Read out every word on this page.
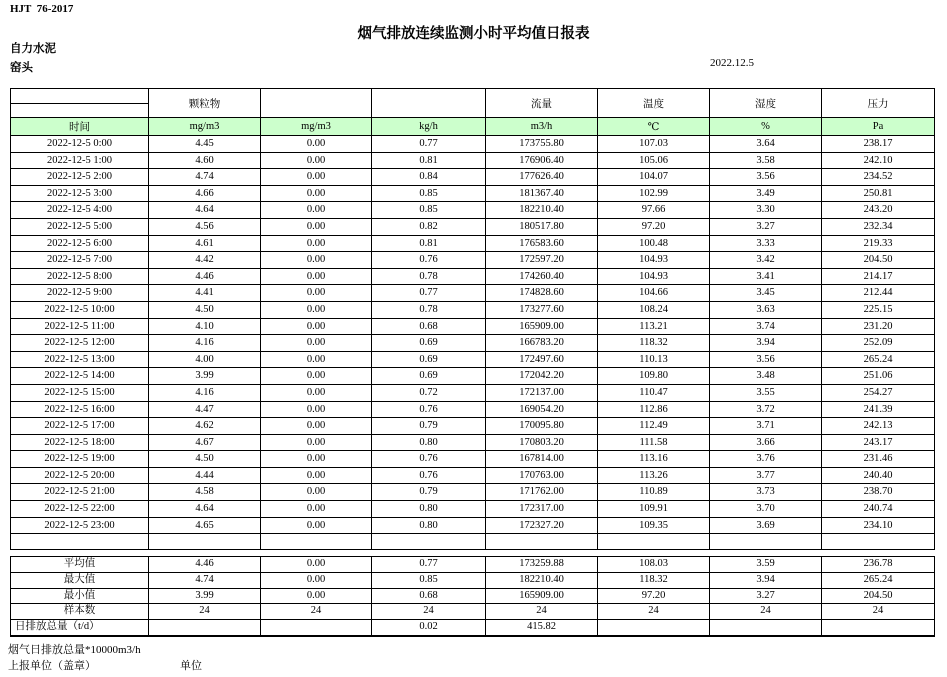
HJT  76-2017
烟气排放连续监测小时平均值日报表
自力水泥
窑头	2022.12.5
	颗粒物			流量	温度	湿度	压力

时间	mg/m3	mg/m3	kg/h	m3/h	℃	%	Pa
2022-12-5 0:00	4.45	0.00	0.77	173755.80	107.03	3.64	238.17
2022-12-5 1:00	4.60	0.00	0.81	176906.40	105.06	3.58	242.10
2022-12-5 2:00	4.74	0.00	0.84	177626.40	104.07	3.56	234.52
2022-12-5 3:00	4.66	0.00	0.85	181367.40	102.99	3.49	250.81
2022-12-5 4:00	4.64	0.00	0.85	182210.40	97.66	3.30	243.20
2022-12-5 5:00	4.56	0.00	0.82	180517.80	97.20	3.27	232.34
2022-12-5 6:00	4.61	0.00	0.81	176583.60	100.48	3.33	219.33
2022-12-5 7:00	4.42	0.00	0.76	172597.20	104.93	3.42	204.50
2022-12-5 8:00	4.46	0.00	0.78	174260.40	104.93	3.41	214.17
2022-12-5 9:00	4.41	0.00	0.77	174828.60	104.66	3.45	212.44
2022-12-5 10:00	4.50	0.00	0.78	173277.60	108.24	3.63	225.15
2022-12-5 11:00	4.10	0.00	0.68	165909.00	113.21	3.74	231.20
2022-12-5 12:00	4.16	0.00	0.69	166783.20	118.32	3.94	252.09
2022-12-5 13:00	4.00	0.00	0.69	172497.60	110.13	3.56	265.24
2022-12-5 14:00	3.99	0.00	0.69	172042.20	109.80	3.48	251.06
2022-12-5 15:00	4.16	0.00	0.72	172137.00	110.47	3.55	254.27
2022-12-5 16:00	4.47	0.00	0.76	169054.20	112.86	3.72	241.39
2022-12-5 17:00	4.62	0.00	0.79	170095.80	112.49	3.71	242.13
2022-12-5 18:00	4.67	0.00	0.80	170803.20	111.58	3.66	243.17
2022-12-5 19:00	4.50	0.00	0.76	167814.00	113.16	3.76	231.46
2022-12-5 20:00	4.44	0.00	0.76	170763.00	113.26	3.77	240.40
2022-12-5 21:00	4.58	0.00	0.79	171762.00	110.89	3.73	238.70
2022-12-5 22:00	4.64	0.00	0.80	172317.00	109.91	3.70	240.74
2022-12-5 23:00	4.65	0.00	0.80	172327.20	109.35	3.69	234.10

平均值	4.46	0.00	0.77	173259.88	108.03	3.59	236.78
最大值	4.74	0.00	0.85	182210.40	118.32	3.94	265.24
最小值	3.99	0.00	0.68	165909.00	97.20	3.27	204.50
样本数	24	24	24	24	24	24	24
日排放总量（t/d）			0.02	415.82			
烟气日排放总量*10000m3/h
上报单位（盖章）	单位
